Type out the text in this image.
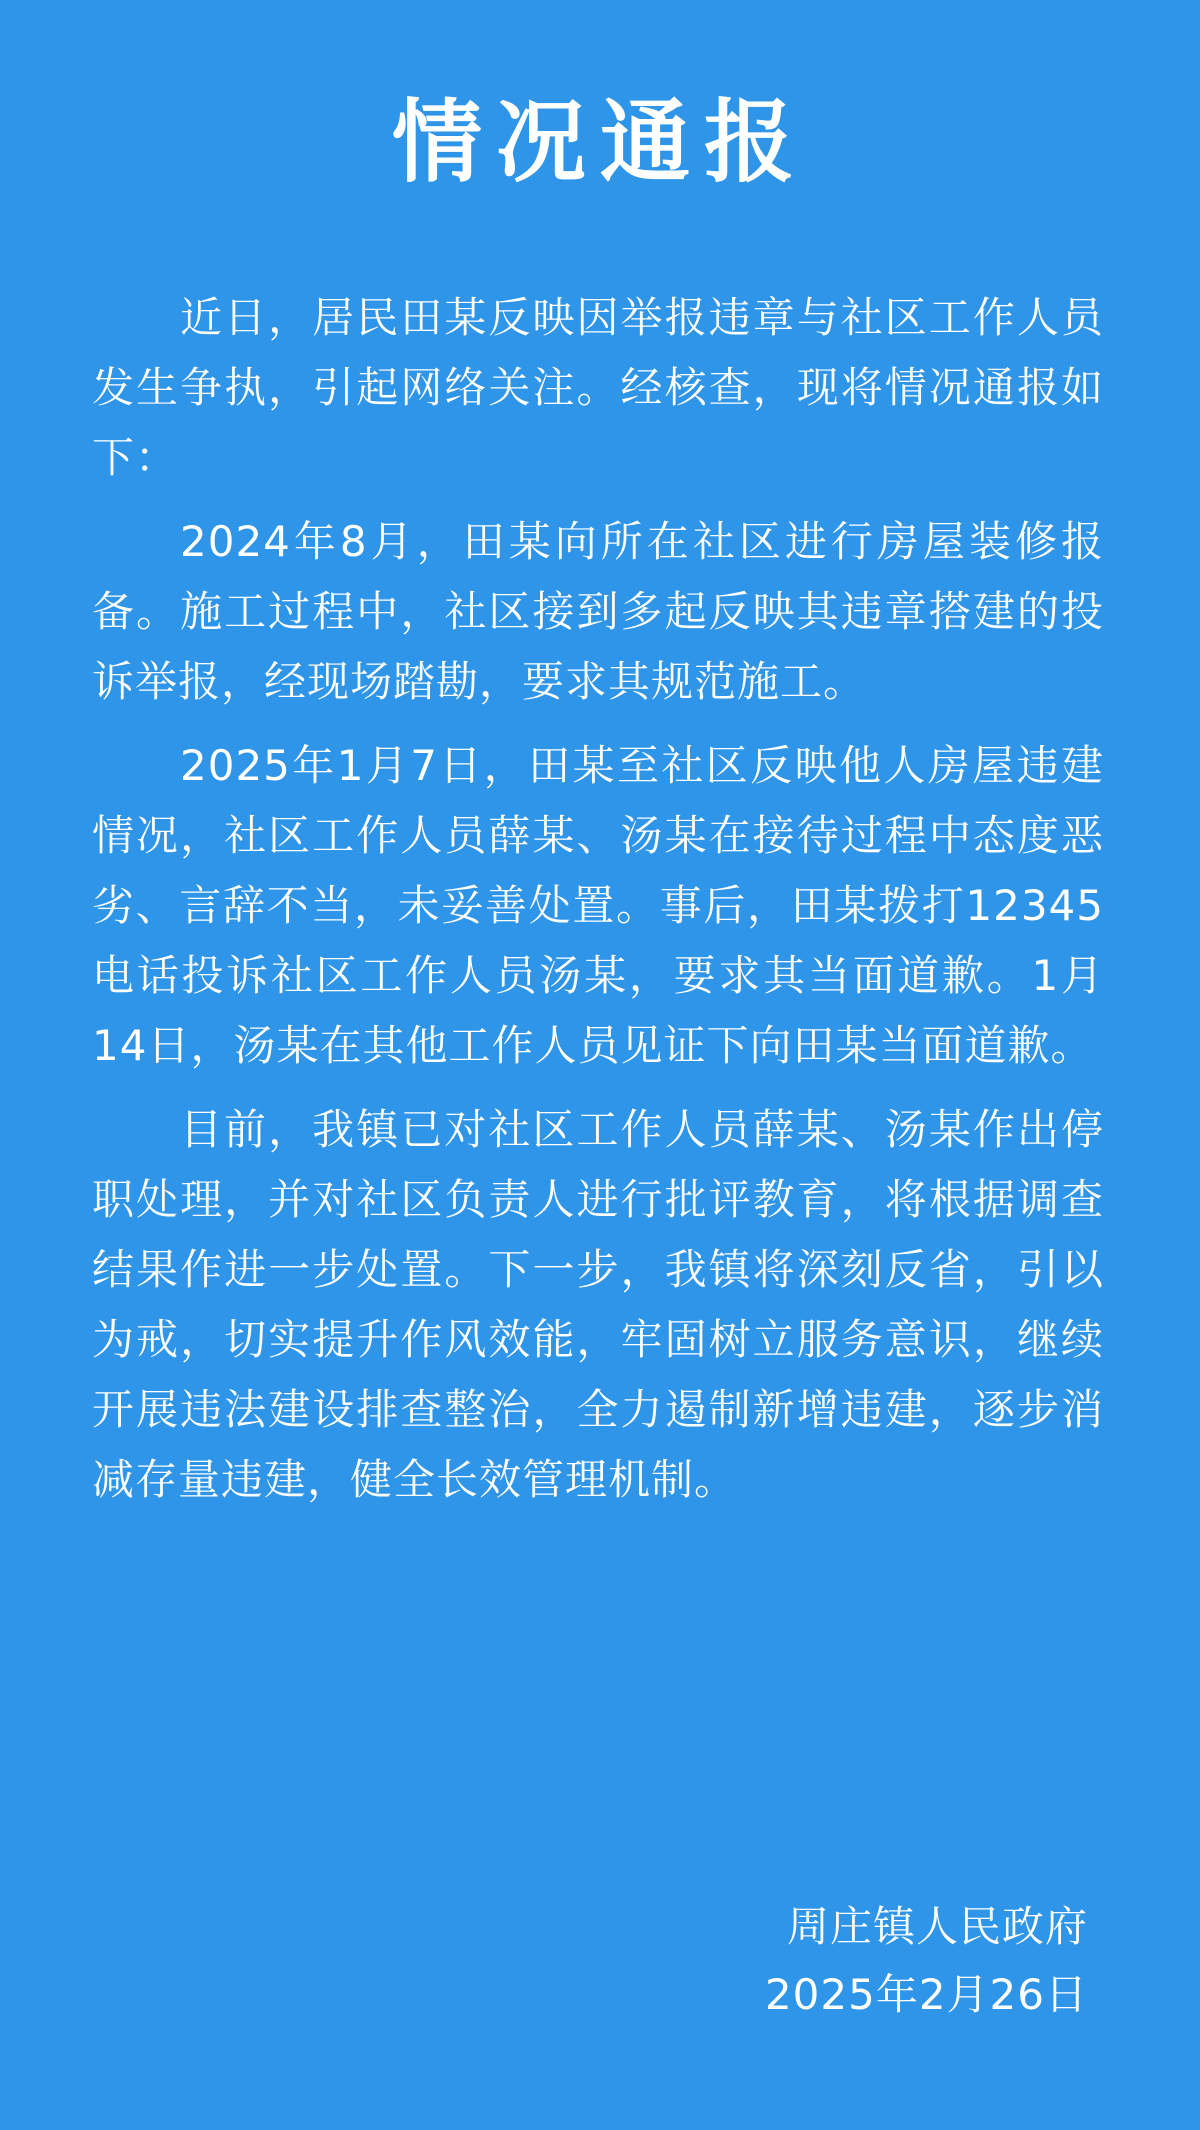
情况通报

近日，居民田某反映因举报违章与社区工作人员发生争执，引起网络关注。经核查，现将情况通报如下：

2024年8月，田某向所在社区进行房屋装修报备。施工过程中，社区接到多起反映其违章搭建的投诉举报，经现场踏勘，要求其规范施工。

2025年1月7日，田某至社区反映他人房屋违建情况，社区工作人员薛某、汤某在接待过程中态度恶劣、言辞不当，未妥善处置。事后，田某拨打12345电话投诉社区工作人员汤某，要求其当面道歉。1月14日，汤某在其他工作人员见证下向田某当面道歉。

目前，我镇已对社区工作人员薛某、汤某作出停职处理，并对社区负责人进行批评教育，将根据调查结果作进一步处置。下一步，我镇将深刻反省，引以为戒，切实提升作风效能，牢固树立服务意识，继续开展违法建设排查整治，全力遏制新增违建，逐步消减存量违建，健全长效管理机制。

周庄镇人民政府
2025年2月26日
